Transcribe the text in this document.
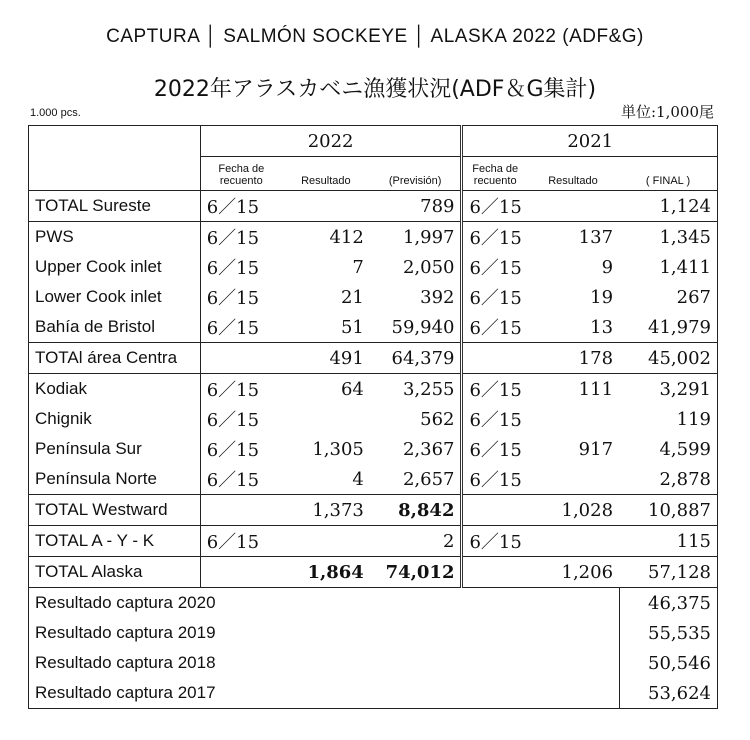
CAPTURA │ SALMÓN SOCKEYE │ ALASKA 2022 (ADF&G)
2022年アラスカベニ漁獲状況(ADF＆G集計)
1.000 pcs.	単位:1,000尾
	2022			2021		
	Fecha de recuento	Resultado	(Previsión)	Fecha de recuento	Resultado	( FINAL )
TOTAL Sureste	6／15		789	6／15		1,124
PWS	6／15	412	1,997	6／15	137	1,345
Upper Cook inlet	6／15	7	2,050	6／15	9	1,411
Lower Cook inlet	6／15	21	392	6／15	19	267
Bahía de Bristol	6／15	51	59,940	6／15	13	41,979
TOTAl área Centra		491	64,379		178	45,002
Kodiak	6／15	64	3,255	6／15	111	3,291
Chignik	6／15		562	6／15		119
Península Sur	6／15	1,305	2,367	6／15	917	4,599
Península Norte	6／15	4	2,657	6／15		2,878
TOTAL Westward		1,373	8,842		1,028	10,887
TOTAL A - Y - K	6／15		2	6／15		115
TOTAL Alaska		1,864	74,012		1,206	57,128
Resultado captura 2020						46,375
Resultado captura 2019						55,535
Resultado captura 2018						50,546
Resultado captura 2017						53,624
